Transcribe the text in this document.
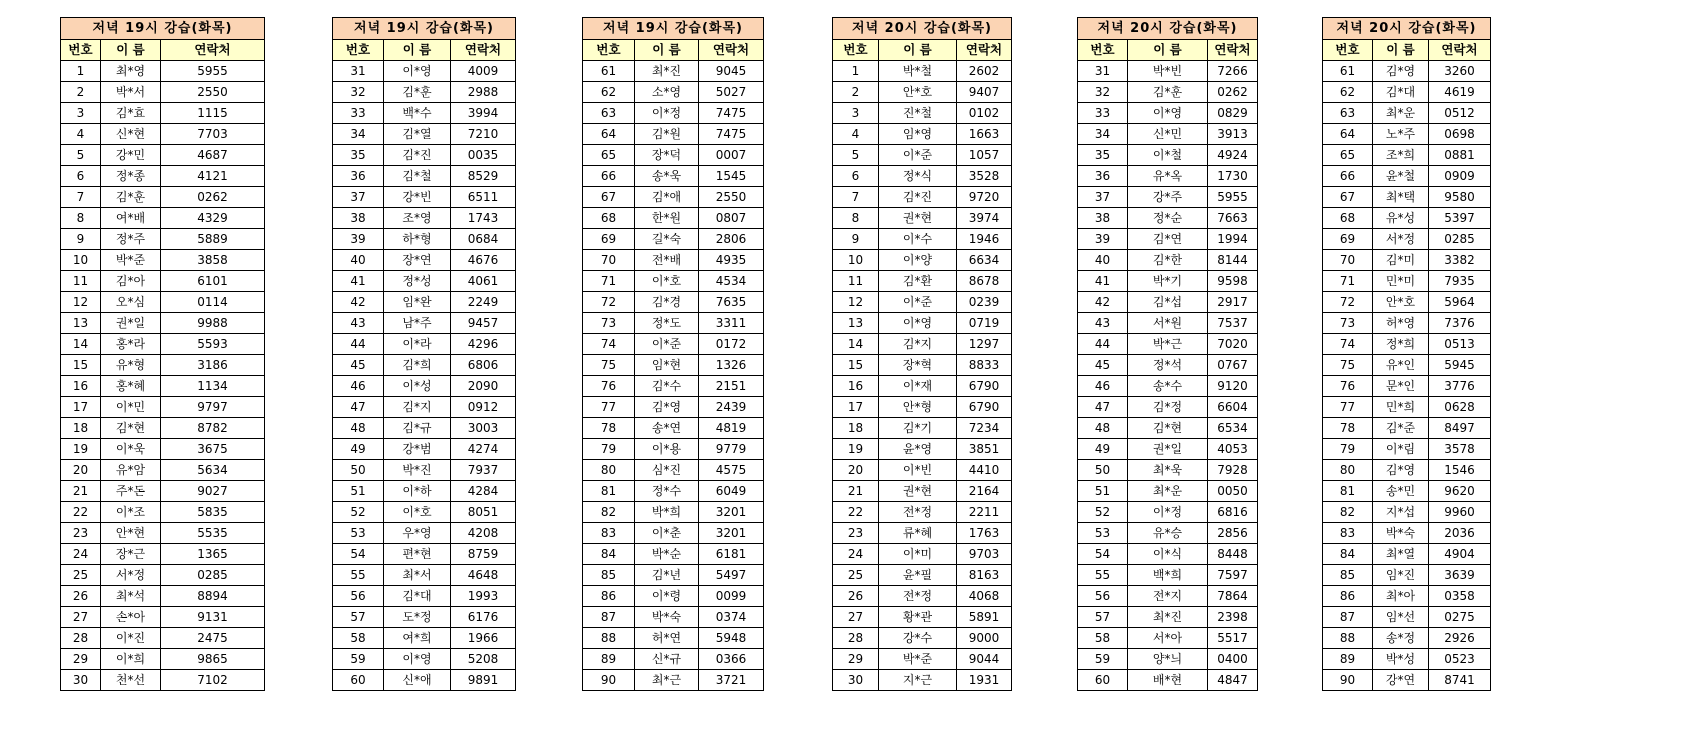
저녁 19시 강습(화목)		
번호	이 름	연락처
1	최*영	5955
2	박*서	2550
3	김*효	1115
4	신*현	7703
5	강*민	4687
6	정*종	4121
7	김*훈	0262
8	여*배	4329
9	정*주	5889
10	박*준	3858
11	김*아	6101
12	오*심	0114
13	권*일	9988
14	홍*라	5593
15	유*형	3186
16	홍*혜	1134
17	이*민	9797
18	김*현	8782
19	이*욱	3675
20	유*암	5634
21	주*돈	9027
22	이*조	5835
23	안*현	5535
24	장*근	1365
25	서*정	0285
26	최*석	8894
27	손*아	9131
28	이*진	2475
29	이*희	9865
30	천*선	7102
저녁 19시 강습(화목)		
번호	이 름	연락처
31	이*영	4009
32	김*훈	2988
33	백*수	3994
34	김*열	7210
35	김*진	0035
36	김*철	8529
37	강*빈	6511
38	조*영	1743
39	하*형	0684
40	장*연	4676
41	정*성	4061
42	임*완	2249
43	남*주	9457
44	이*라	4296
45	김*희	6806
46	이*성	2090
47	김*지	0912
48	김*규	3003
49	강*범	4274
50	박*진	7937
51	이*하	4284
52	이*호	8051
53	우*영	4208
54	편*현	8759
55	최*서	4648
56	김*대	1993
57	도*정	6176
58	여*희	1966
59	이*영	5208
60	신*애	9891
저녁 19시 강습(화목)		
번호	이 름	연락처
61	최*진	9045
62	소*영	5027
63	이*정	7475
64	김*원	7475
65	장*덕	0007
66	송*욱	1545
67	김*애	2550
68	한*원	0807
69	길*숙	2806
70	전*배	4935
71	이*호	4534
72	김*경	7635
73	정*도	3311
74	이*준	0172
75	임*현	1326
76	김*수	2151
77	김*영	2439
78	송*연	4819
79	이*용	9779
80	심*진	4575
81	정*수	6049
82	박*희	3201
83	이*춘	3201
84	박*순	6181
85	김*년	5497
86	이*령	0099
87	박*숙	0374
88	허*연	5948
89	신*규	0366
90	최*근	3721
저녁 20시 강습(화목)		
번호	이 름	연락처
1	박*철	2602
2	안*호	9407
3	진*철	0102
4	임*영	1663
5	이*준	1057
6	정*식	3528
7	김*진	9720
8	권*현	3974
9	이*수	1946
10	이*양	6634
11	김*환	8678
12	이*준	0239
13	이*영	0719
14	김*지	1297
15	장*혁	8833
16	이*재	6790
17	안*형	6790
18	김*기	7234
19	윤*영	3851
20	이*빈	4410
21	권*현	2164
22	전*정	2211
23	류*혜	1763
24	이*미	9703
25	윤*필	8163
26	전*정	4068
27	황*관	5891
28	강*수	9000
29	박*준	9044
30	지*근	1931
저녁 20시 강습(화목)		
번호	이 름	연락처
31	박*빈	7266
32	김*훈	0262
33	이*영	0829
34	신*민	3913
35	이*철	4924
36	유*옥	1730
37	강*주	5955
38	정*순	7663
39	김*연	1994
40	김*한	8144
41	박*기	9598
42	김*섭	2917
43	서*원	7537
44	박*근	7020
45	정*석	0767
46	송*수	9120
47	김*정	6604
48	김*현	6534
49	권*일	4053
50	최*욱	7928
51	최*운	0050
52	이*정	6816
53	유*승	2856
54	이*식	8448
55	백*희	7597
56	전*지	7864
57	최*진	2398
58	서*아	5517
59	양*늬	0400
60	배*현	4847
저녁 20시 강습(화목)		
번호	이 름	연락처
61	김*영	3260
62	김*대	4619
63	최*운	0512
64	노*주	0698
65	조*희	0881
66	윤*철	0909
67	최*택	9580
68	유*성	5397
69	서*정	0285
70	김*미	3382
71	민*미	7935
72	안*호	5964
73	허*영	7376
74	정*희	0513
75	유*인	5945
76	문*인	3776
77	민*희	0628
78	김*준	8497
79	이*림	3578
80	김*영	1546
81	송*민	9620
82	지*섭	9960
83	박*숙	2036
84	최*열	4904
85	임*진	3639
86	최*아	0358
87	임*선	0275
88	송*정	2926
89	박*성	0523
90	강*연	8741
